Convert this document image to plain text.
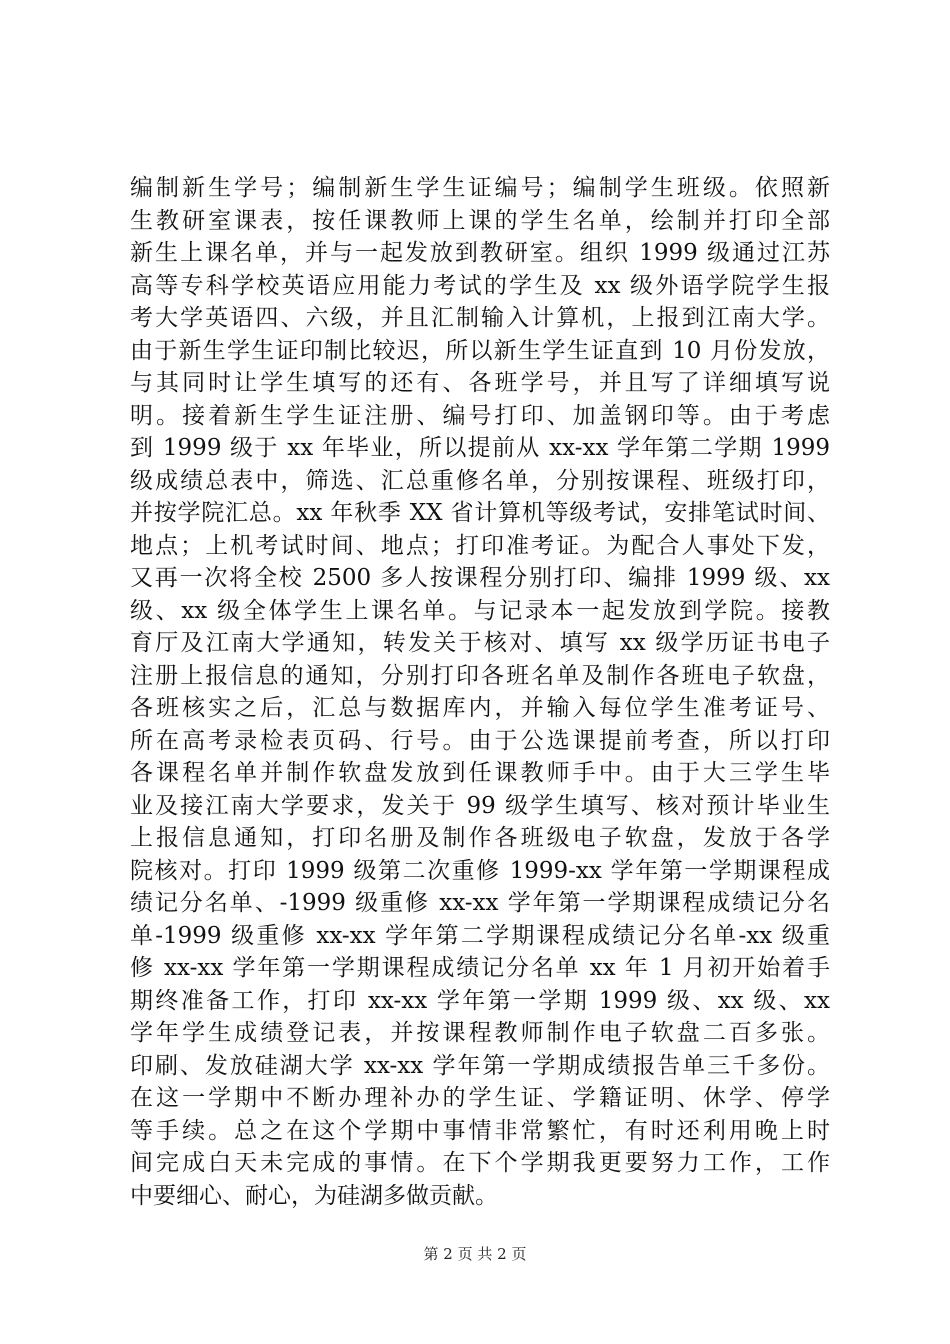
编制新生学号；编制新生学生证编号；编制学生班级。依照新
生教研室课表，按任课教师上课的学生名单，绘制并打印全部
新生上课名单，并与一起发放到教研室。组织 1999 级通过江苏
高等专科学校英语应用能力考试的学生及 xx 级外语学院学生报
考大学英语四、六级，并且汇制输入计算机，上报到江南大学。
由于新生学生证印制比较迟，所以新生学生证直到 10 月份发放，
与其同时让学生填写的还有、各班学号，并且写了详细填写说
明。接着新生学生证注册、编号打印、加盖钢印等。由于考虑
到 1999 级于 xx 年毕业，所以提前从 xx-xx 学年第二学期 1999
级成绩总表中，筛选、汇总重修名单，分别按课程、班级打印，
并按学院汇总。xx 年秋季 XX 省计算机等级考试，安排笔试时间、
地点；上机考试时间、地点；打印准考证。为配合人事处下发，
又再一次将全校 2500 多人按课程分别打印、编排 1999 级、xx
级、xx 级全体学生上课名单。与记录本一起发放到学院。接教
育厅及江南大学通知，转发关于核对、填写 xx 级学历证书电子
注册上报信息的通知，分别打印各班名单及制作各班电子软盘，
各班核实之后，汇总与数据库内，并输入每位学生准考证号、
所在高考录检表页码、行号。由于公选课提前考查，所以打印
各课程名单并制作软盘发放到任课教师手中。由于大三学生毕
业及接江南大学要求，发关于 99 级学生填写、核对预计毕业生
上报信息通知，打印名册及制作各班级电子软盘，发放于各学
院核对。打印 1999 级第二次重修 1999-xx 学年第一学期课程成
绩记分名单、-1999 级重修 xx-xx 学年第一学期课程成绩记分名
单-1999 级重修 xx-xx 学年第二学期课程成绩记分名单-xx 级重
修 xx-xx 学年第一学期课程成绩记分名单 xx 年 1 月初开始着手
期终准备工作，打印 xx-xx 学年第一学期 1999 级、xx 级、xx
学年学生成绩登记表，并按课程教师制作电子软盘二百多张。
印刷、发放硅湖大学 xx-xx 学年第一学期成绩报告单三千多份。
在这一学期中不断办理补办的学生证、学籍证明、休学、停学
等手续。总之在这个学期中事情非常繁忙，有时还利用晚上时
间完成白天未完成的事情。在下个学期我更要努力工作，工作
中要细心、耐心，为硅湖多做贡献。
第 2 页 共 2 页
